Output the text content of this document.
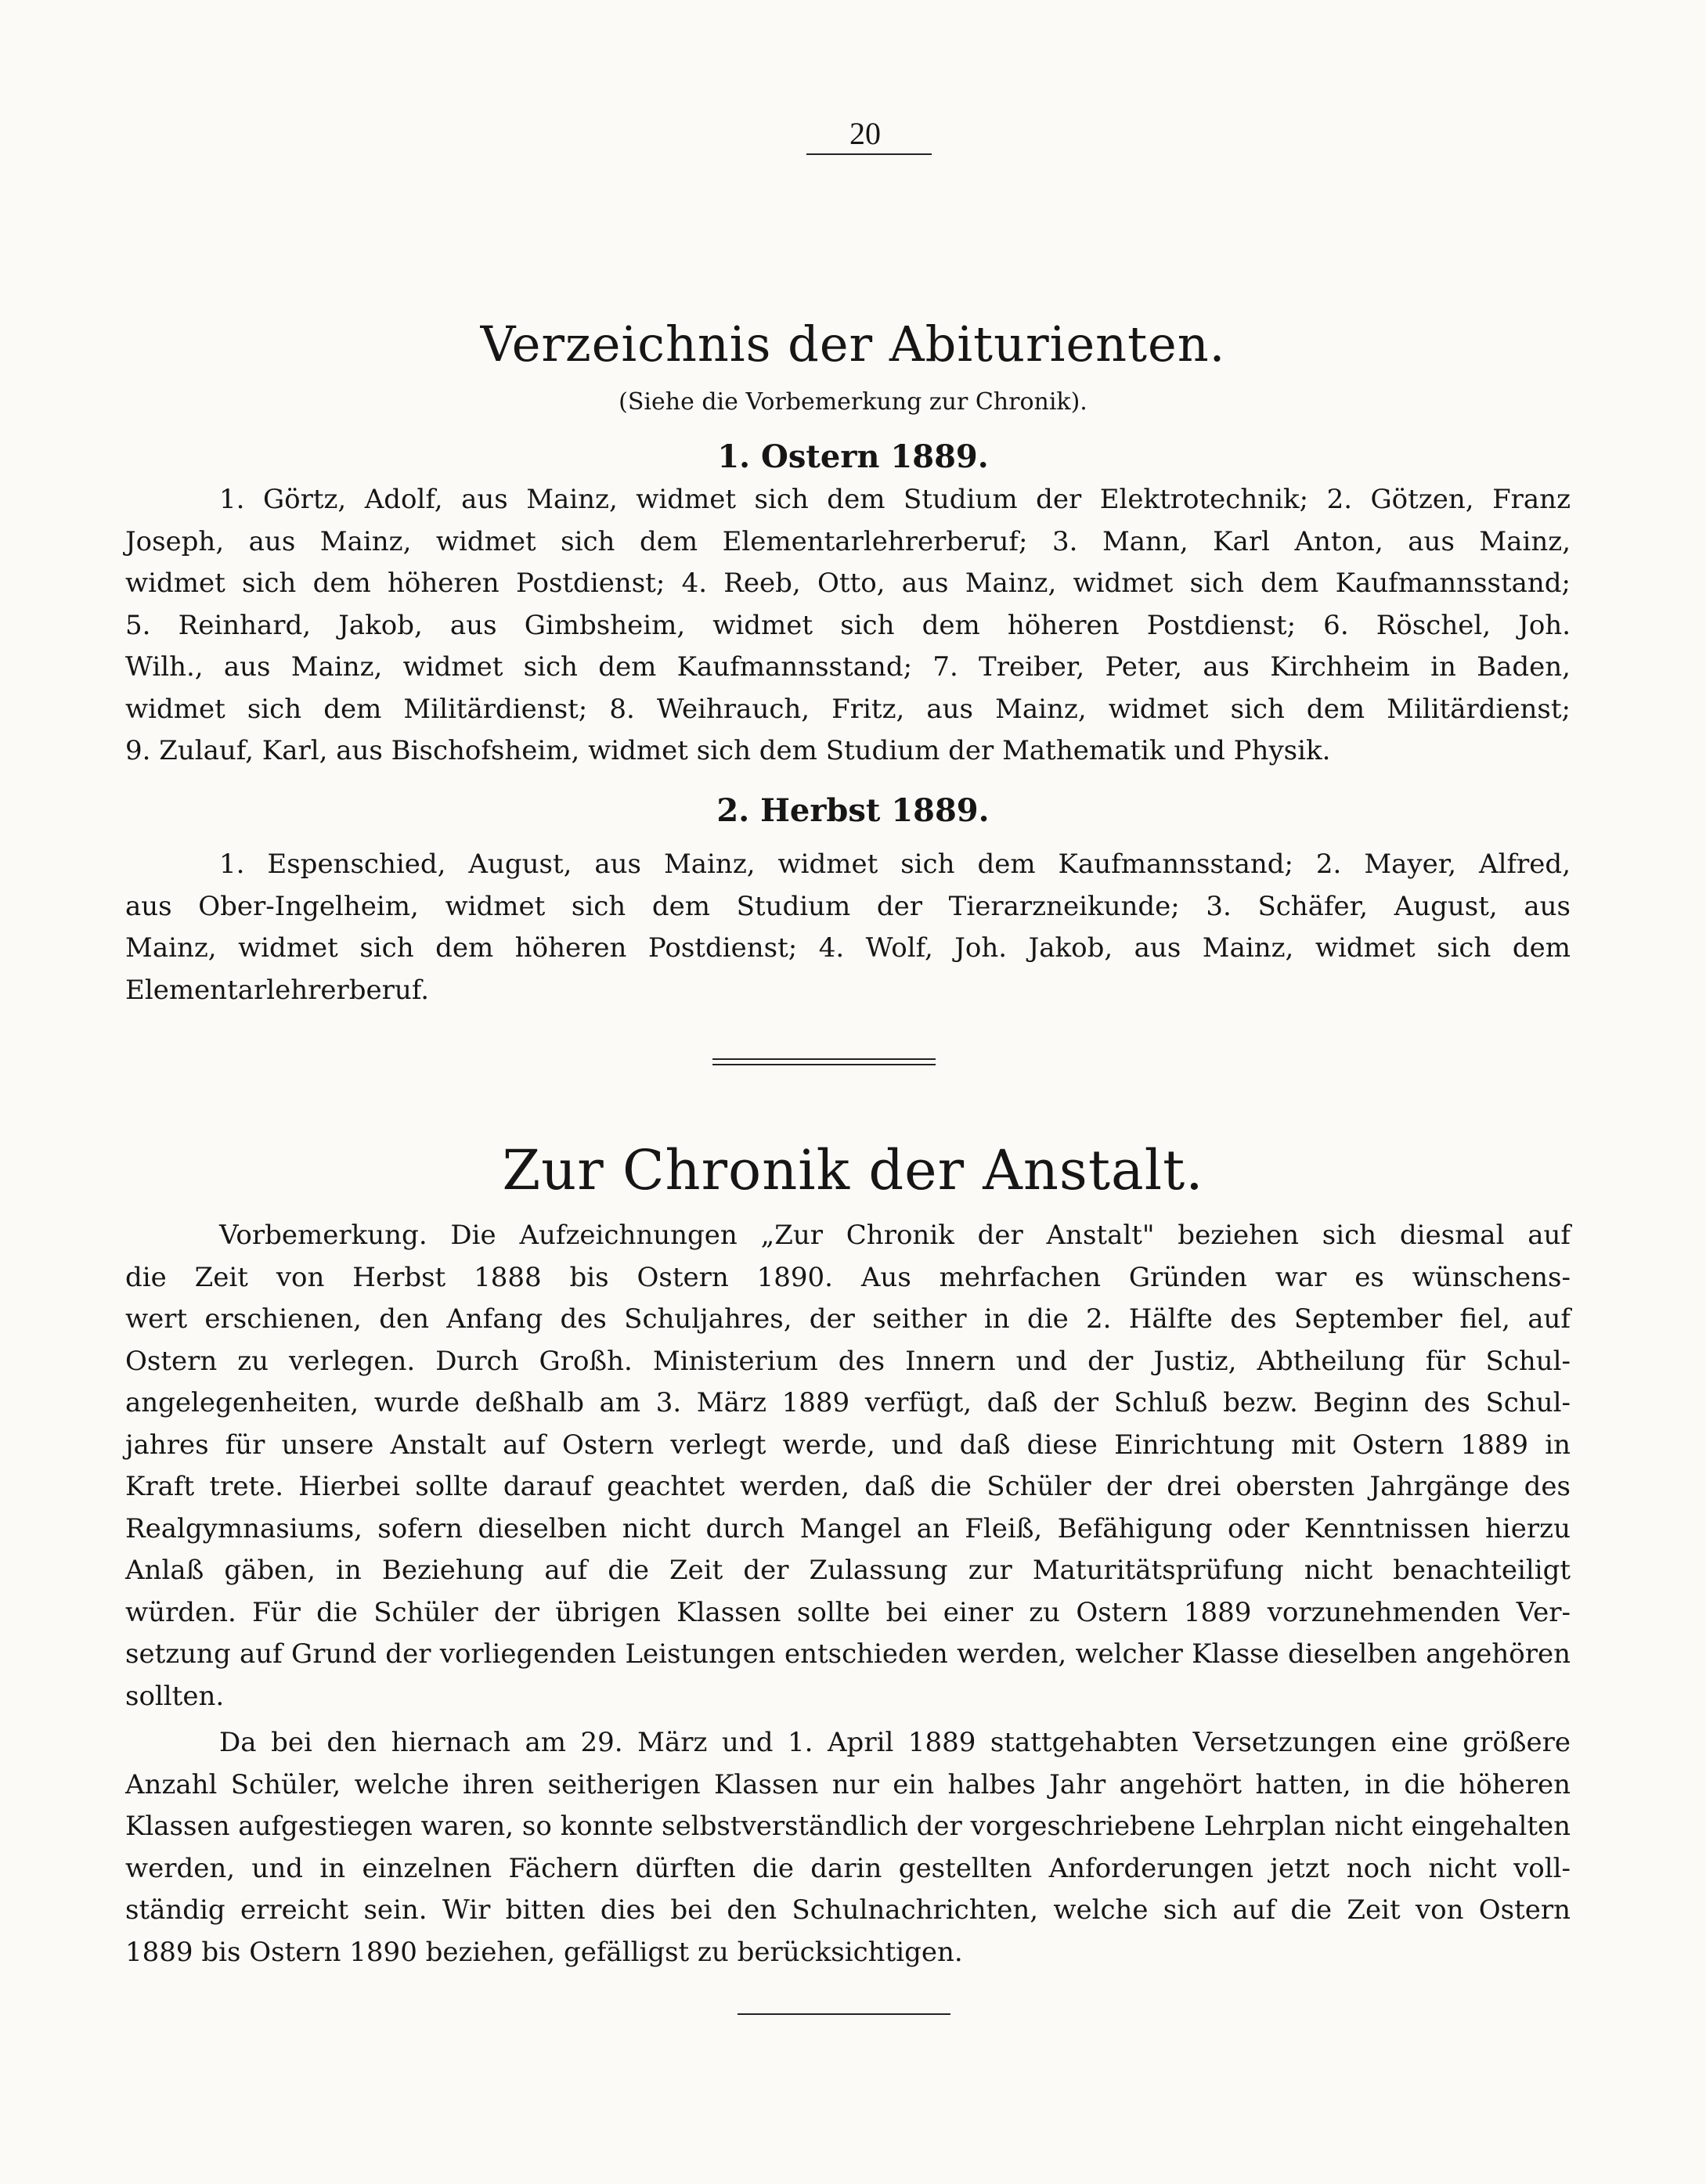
20
Verzeichnis der Abiturienten.
(Siehe die Vorbemerkung zur Chronik).
1. Ostern 1889.
1. Görtz, Adolf, aus Mainz, widmet sich dem Studium der Elektrotechnik; 2. Götzen, Franz
Joseph, aus Mainz, widmet sich dem Elementarlehrerberuf; 3. Mann, Karl Anton, aus Mainz,
widmet sich dem höheren Postdienst; 4. Reeb, Otto, aus Mainz, widmet sich dem Kaufmannsstand;
5. Reinhard, Jakob, aus Gimbsheim, widmet sich dem höheren Postdienst; 6. Röschel, Joh.
Wilh., aus Mainz, widmet sich dem Kaufmannsstand; 7. Treiber, Peter, aus Kirchheim in Baden,
widmet sich dem Militärdienst; 8. Weihrauch, Fritz, aus Mainz, widmet sich dem Militärdienst;
9. Zulauf, Karl, aus Bischofsheim, widmet sich dem Studium der Mathematik und Physik.
2. Herbst 1889.
1. Espenschied, August, aus Mainz, widmet sich dem Kaufmannsstand; 2. Mayer, Alfred,
aus Ober-Ingelheim, widmet sich dem Studium der Tierarzneikunde; 3. Schäfer, August, aus
Mainz, widmet sich dem höheren Postdienst; 4. Wolf, Joh. Jakob, aus Mainz, widmet sich dem
Elementarlehrerberuf.
Zur Chronik der Anstalt.
Vorbemerkung. Die Aufzeichnungen „Zur Chronik der Anstalt" beziehen sich diesmal auf
die Zeit von Herbst 1888 bis Ostern 1890. Aus mehrfachen Gründen war es wünschens-
wert erschienen, den Anfang des Schuljahres, der seither in die 2. Hälfte des September fiel, auf
Ostern zu verlegen. Durch Großh. Ministerium des Innern und der Justiz, Abtheilung für Schul-
angelegenheiten, wurde deßhalb am 3. März 1889 verfügt, daß der Schluß bezw. Beginn des Schul-
jahres für unsere Anstalt auf Ostern verlegt werde, und daß diese Einrichtung mit Ostern 1889 in
Kraft trete. Hierbei sollte darauf geachtet werden, daß die Schüler der drei obersten Jahrgänge des
Realgymnasiums, sofern dieselben nicht durch Mangel an Fleiß, Befähigung oder Kenntnissen hierzu
Anlaß gäben, in Beziehung auf die Zeit der Zulassung zur Maturitätsprüfung nicht benachteiligt
würden. Für die Schüler der übrigen Klassen sollte bei einer zu Ostern 1889 vorzunehmenden Ver-
setzung auf Grund der vorliegenden Leistungen entschieden werden, welcher Klasse dieselben angehören
sollten.
Da bei den hiernach am 29. März und 1. April 1889 stattgehabten Versetzungen eine größere
Anzahl Schüler, welche ihren seitherigen Klassen nur ein halbes Jahr angehört hatten, in die höheren
Klassen aufgestiegen waren, so konnte selbstverständlich der vorgeschriebene Lehrplan nicht eingehalten
werden, und in einzelnen Fächern dürften die darin gestellten Anforderungen jetzt noch nicht voll-
ständig erreicht sein. Wir bitten dies bei den Schulnachrichten, welche sich auf die Zeit von Ostern
1889 bis Ostern 1890 beziehen, gefälligst zu berücksichtigen.
